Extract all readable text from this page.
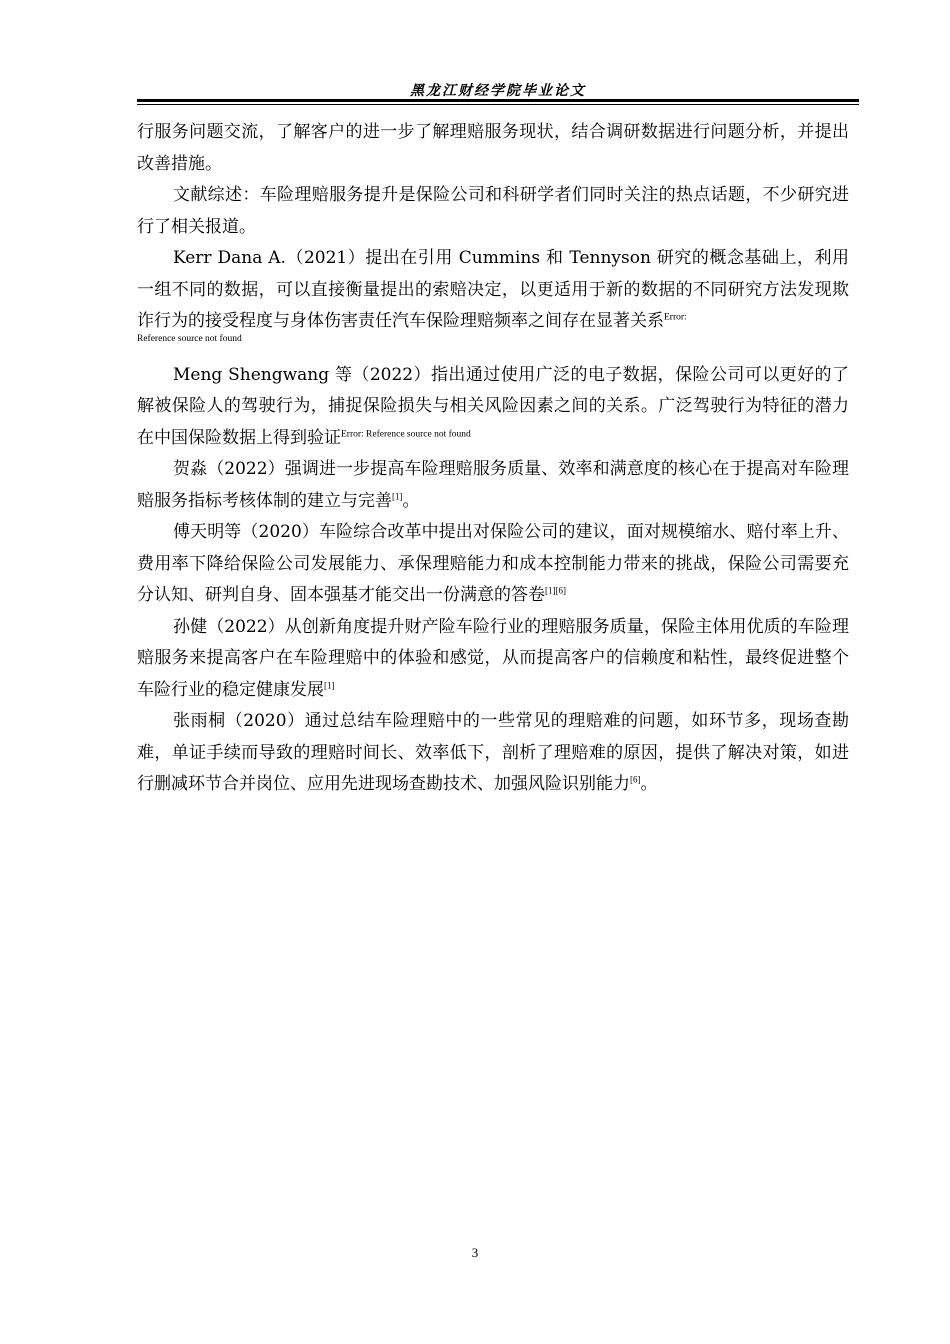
黑龙江财经学院毕业论文

行服务问题交流，了解客户的进一步了解理赔服务现状，结合调研数据进行问题分析，并提出改善措施。

文献综述：车险理赔服务提升是保险公司和科研学者们同时关注的热点话题，不少研究进行了相关报道。

Kerr Dana A.（2021）提出在引用 Cummins 和 Tennyson 研究的概念基础上，利用一组不同的数据，可以直接衡量提出的索赔决定，以更适用于新的数据的不同研究方法发现欺诈行为的接受程度与身体伤害责任汽车保险理赔频率之间存在显著关系$^{Error:}$

Reference source not found

Meng Shengwang 等（2022）指出通过使用广泛的电子数据，保险公司可以更好的了解被保险人的驾驶行为，捕捉保险损失与相关风险因素之间的关系。广泛驾驶行为特征的潜力在中国保险数据上得到验证$^{Error: Reference source not found}$

贺淼（2022）强调进一步提高车险理赔服务质量、效率和满意度的核心在于提高对车险理赔服务指标考核体制的建立与完善[1]。

傅天明等（2020）车险综合改革中提出对保险公司的建议，面对规模缩水、赔付率上升、费用率下降给保险公司发展能力、承保理赔能力和成本控制能力带来的挑战，保险公司需要充分认知、研判自身、固本强基才能交出一份满意的答卷[1][6]

孙健（2022）从创新角度提升财产险车险行业的理赔服务质量，保险主体用优质的车险理赔服务来提高客户在车险理赔中的体验和感觉，从而提高客户的信赖度和粘性，最终促进整个车险行业的稳定健康发展[1]

张雨桐（2020）通过总结车险理赔中的一些常见的理赔难的问题，如环节多，现场查勘难，单证手续而导致的理赔时间长、效率低下，剖析了理赔难的原因，提供了解决对策，如进行删减环节合并岗位、应用先进现场查勘技术、加强风险识别能力[6]。

3
